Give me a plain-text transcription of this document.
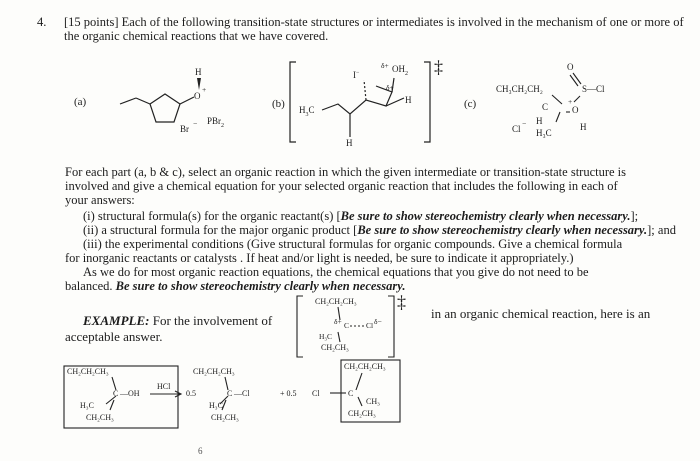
4. [15 points] Each of the following transition-state structures or intermediates is involved in the mechanism of one or more of
the organic chemical reactions that we have covered.
(a)
H
O
+
Br
− PBr$_2$
(b) $H_3C$
I−
$\delta+ OH_2$
δ+
H
H
‡
(c)
O
S—Cl
CH₃CH₂CH₂
C	O
+
H
H₃C
Cl
−	H
For each part (a, b & c), select an organic reaction in which the given intermediate or transition-state structure is
involved and give a chemical equation for your selected organic reaction that includes the following in each of
your answers:
(i) structural formula(s) for the organic reactant(s) [Be sure to show stereochemistry clearly when necessary.];
(ii) a structural formula for the major organic product [Be sure to show stereochemistry clearly when necessary.]; and
(iii) the experimental conditions (Give structural formulas for organic compounds. Give a chemical formula
for inorganic reactants or catalysts . If heat and/or light is needed, be sure to indicate it appropriately.)
As we do for most organic reaction equations, the chemical equations that you give do not need to be
balanced. Be sure to show stereochemistry clearly when necessary.
EXAMPLE: For the involvement of
acceptable answer.
in an organic chemical reaction, here is an
CH₂CH₂CH₃
δ+ C Cl δ−
H₃C
CH₂CH₃
‡
CH₂CH₂CH₃
C —OH
H₃C
CH₂CH₃
HCl
0.5
CH₂CH₂CH₃
C —Cl
H₃C
CH₂CH₃
+ 0.5 Cl	C
CH₂CH₂CH₃
CH₃
CH₂CH₃
6
